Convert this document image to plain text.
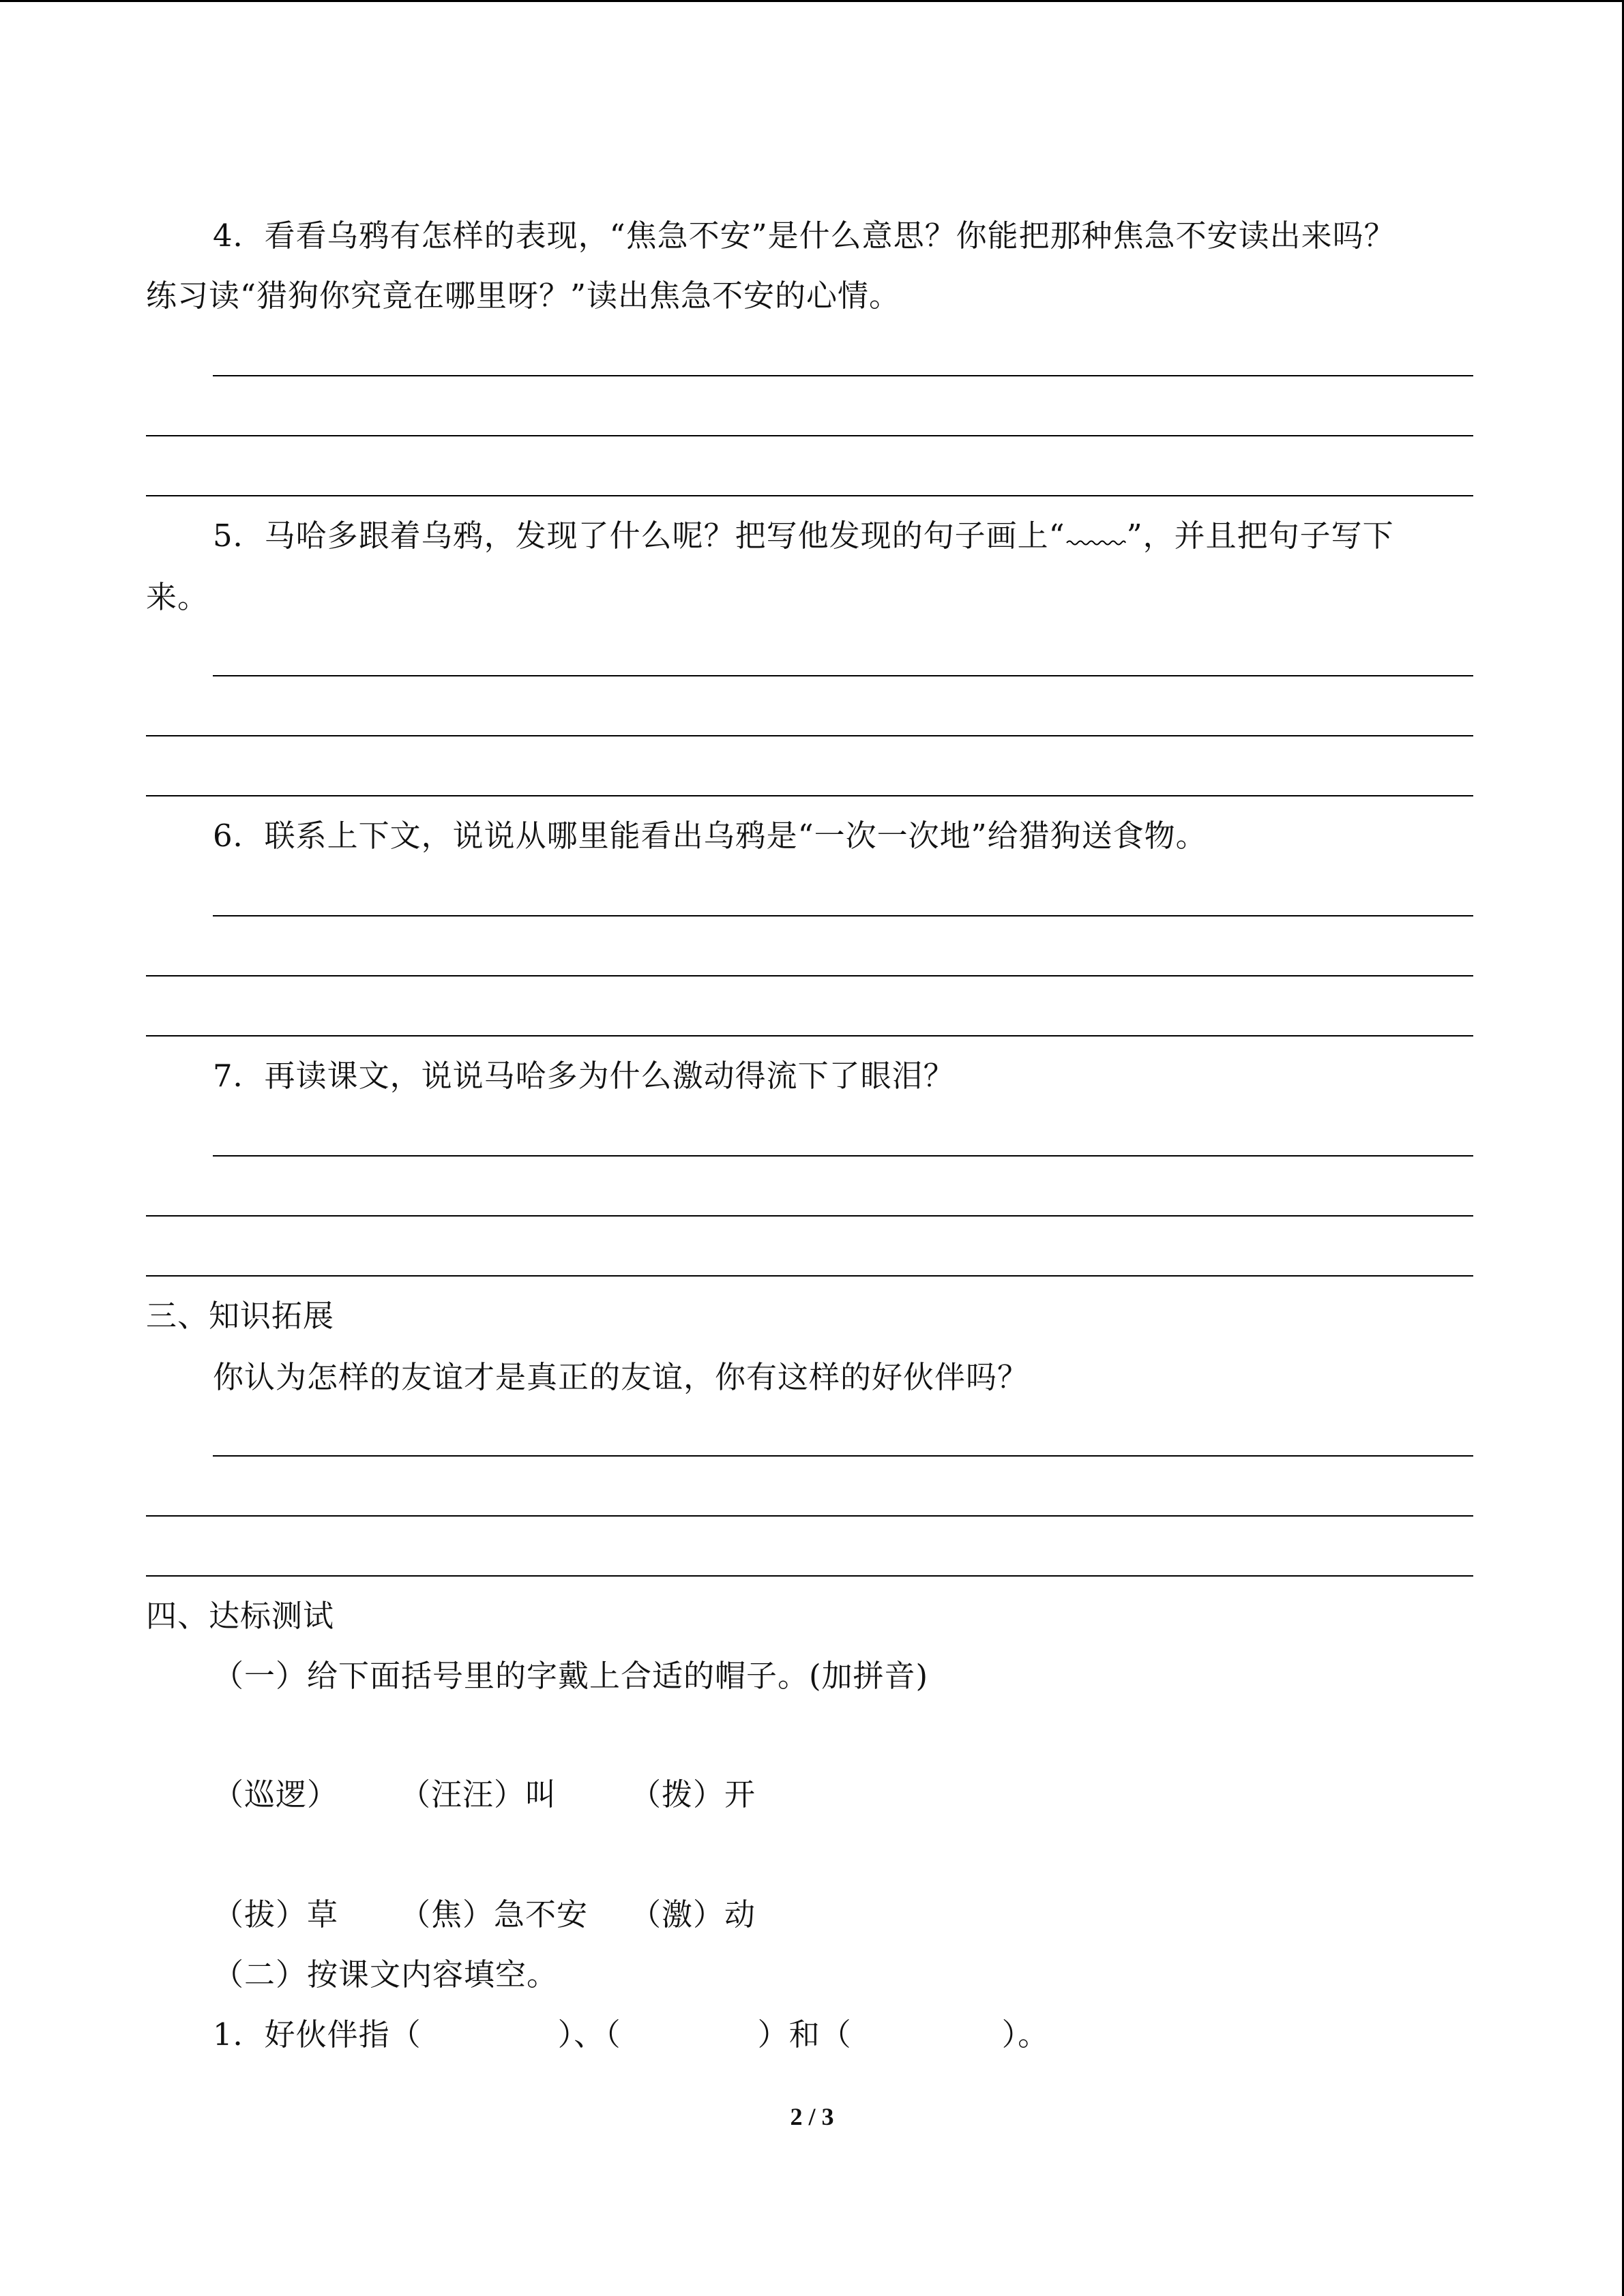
4．看看乌鸦有怎样的表现，“焦急不安”是什么意思？你能把那种焦急不安读出来吗？
练习读“猎狗你究竟在哪里呀？”读出焦急不安的心情。
5．马哈多跟着乌鸦，发现了什么呢？把写他发现的句子画上“ ”，并且把句子写下
来。
6．联系上下文，说说从哪里能看出乌鸦是“一次一次地”给猎狗送食物。
7．再读课文，说说马哈多为什么激动得流下了眼泪？
三、知识拓展
你认为怎样的友谊才是真正的友谊，你有这样的好伙伴吗？
四、达标测试
（一）给下面括号里的字戴上合适的帽子。(加拼音)
（巡逻） （汪汪）叫 （拨）开
（拔）草 （焦）急不安 （激）动
（二）按课文内容填空。
1．好伙伴指（	）、（	）和（	）。
2 / 3
